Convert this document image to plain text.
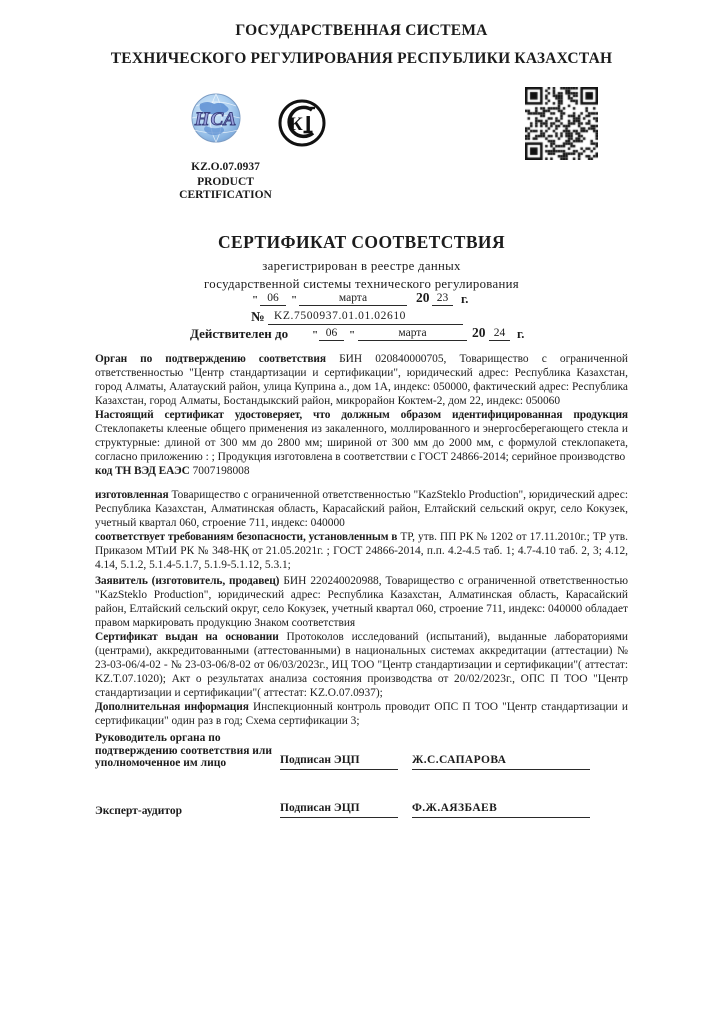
ГОСУДАРСТВЕННАЯ СИСТЕМА
ТЕХНИЧЕСКОГО РЕГУЛИРОВАНИЯ РЕСПУБЛИКИ КАЗАХСТАН
НСА	К
KZ.O.07.0937
PRODUCT
CERTIFICATION
СЕРТИФИКАТ СООТВЕТСТВИЯ
зарегистрирован в реестре данных
государственной системы технического регулирования
" 06	"	марта	20 23	г.
№ KZ.7500937.01.01.02610
Действителен до " 06	"	марта	20 24 г.

Орган по подтверждению соответствия БИН 020840000705, Товарищество с ограниченной ответственностью "Центр стандартизации и сертификации", юридический адрес: Республика Казахстан, город Алматы, Алатауский район, улица Куприна а., дом 1А, индекс: 050000, фактический адрес: Республика Казахстан, город Алматы, Бостандыкский район, микрорайон Коктем-2, дом 22, индекс: 050060

Настоящий сертификат удостоверяет, что должным образом идентифицированная продукция Стеклопакеты клееные общего применения из закаленного, моллированного и энергосберегающего стекла и структурные: длиной от 300 мм до 2800 мм; шириной от 300 мм до 2000 мм, с формулой стеклопакета, согласно приложению : ; Продукция изготовлена в соответствии с ГОСТ 24866-2014; серийное производство

код ТН ВЭД ЕАЭС 7007198008

изготовленная Товарищество с ограниченной ответственностью "KazSteklo Production", юридический адрес: Республика Казахстан, Алматинская область, Карасайский район, Елтайский сельский округ, село Кокузек, учетный квартал 060, строение 711, индекс: 040000

соответствует требованиям безопасности, установленным в ТР, утв. ПП РК № 1202 от 17.11.2010г.; ТР утв. Приказом МТиИ РК № 348-НҚ от 21.05.2021г. ; ГОСТ 24866-2014, п.п. 4.2-4.5 таб. 1; 4.7-4.10 таб. 2, 3; 4.12, 4.14, 5.1.2, 5.1.4-5.1.7, 5.1.9-5.1.12, 5.3.1;

Заявитель (изготовитель, продавец) БИН 220240020988, Товарищество с ограниченной ответственностью "KazSteklo Production", юридический адрес: Республика Казахстан, Алматинская область, Карасайский район, Елтайский сельский округ, село Кокузек, учетный квартал 060, строение 711, индекс: 040000 обладает правом маркировать продукцию Знаком соответствия

Сертификат выдан на основании Протоколов исследований (испытаний), выданные лабораториями (центрами), аккредитованными (аттестованными) в национальных системах аккредитации (аттестации) № 23-03-06/4-02 - № 23-03-06/8-02 от 06/03/2023г., ИЦ ТОО "Центр стандартизации и сертификации"( аттестат: KZ.T.07.1020); Акт о результатах анализа состояния производства от 20/02/2023г., ОПС П ТОО "Центр стандартизации и сертификации"( аттестат: KZ.O.07.0937);

Дополнительная информация Инспекционный контроль проводит ОПС П ТОО "Центр стандартизации и сертификации" один раз в год; Схема сертификации 3;

Руководитель органа по подтверждению соответствия или уполномоченное им лицо	Подписан ЭЦП	Ж.С.САПАРОВА
Эксперт-аудитор	Подписан ЭЦП	Ф.Ж.АЯЗБАЕВ
